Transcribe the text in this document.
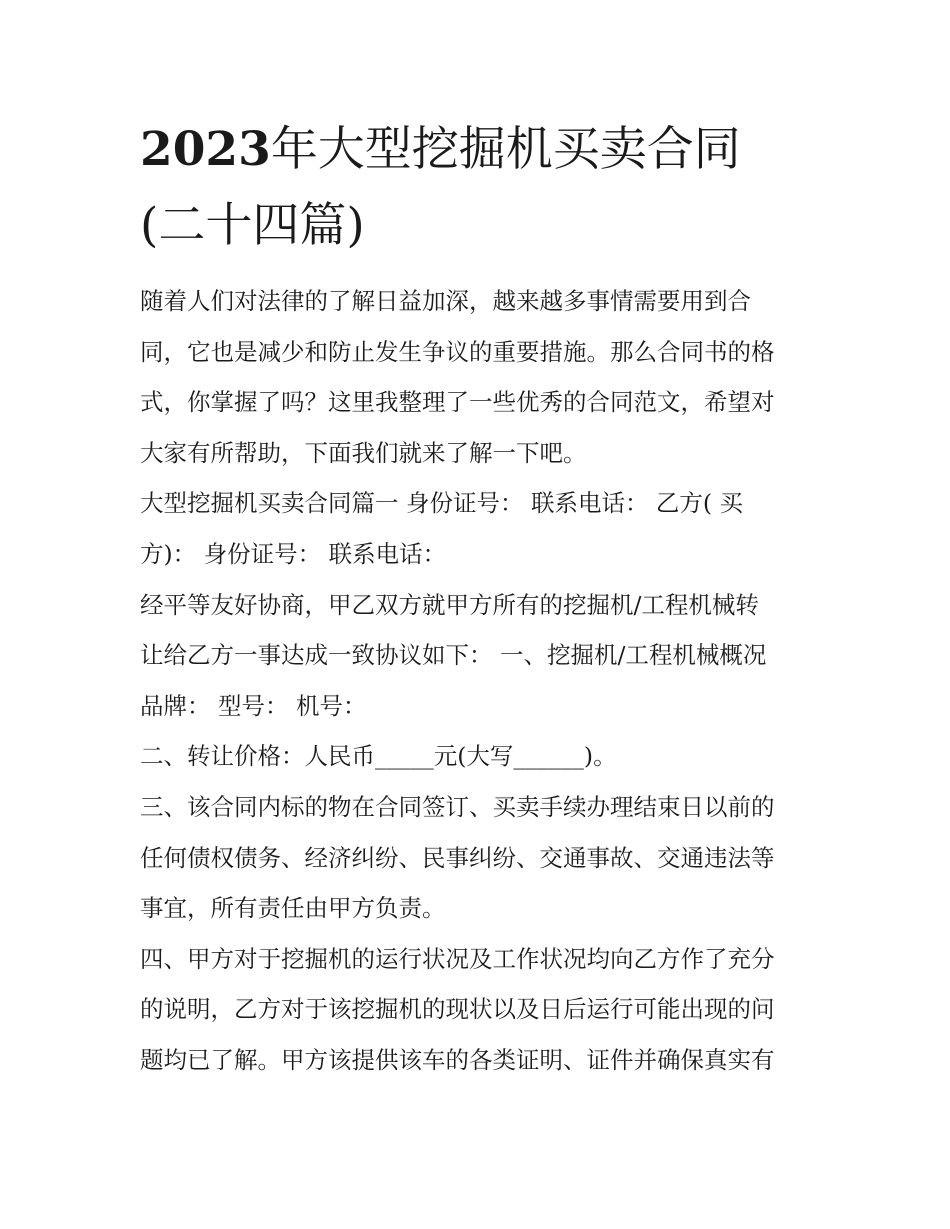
2023年大型挖掘机买卖合同

(二十四篇)

随着人们对法律的了解日益加深，越来越多事情需要用到合

同，它也是减少和防止发生争议的重要措施。那么合同书的格

式，你掌握了吗？这里我整理了一些优秀的合同范文，希望对

大家有所帮助，下面我们就来了解一下吧。

大型挖掘机买卖合同篇一 身份证号： 联系电话： 乙方( 买

方)： 身份证号： 联系电话：

经平等友好协商，甲乙双方就甲方所有的挖掘机/工程机械转

让给乙方一事达成一致协议如下： 一、挖掘机/工程机械概况

品牌： 型号： 机号：

二、转让价格：人民币_____元(大写______)。

三、该合同内标的物在合同签订、买卖手续办理结束日以前的

任何债权债务、经济纠纷、民事纠纷、交通事故、交通违法等

事宜，所有责任由甲方负责。

四、甲方对于挖掘机的运行状况及工作状况均向乙方作了充分

的说明，乙方对于该挖掘机的现状以及日后运行可能出现的问

题均已了解。甲方该提供该车的各类证明、证件并确保真实有
